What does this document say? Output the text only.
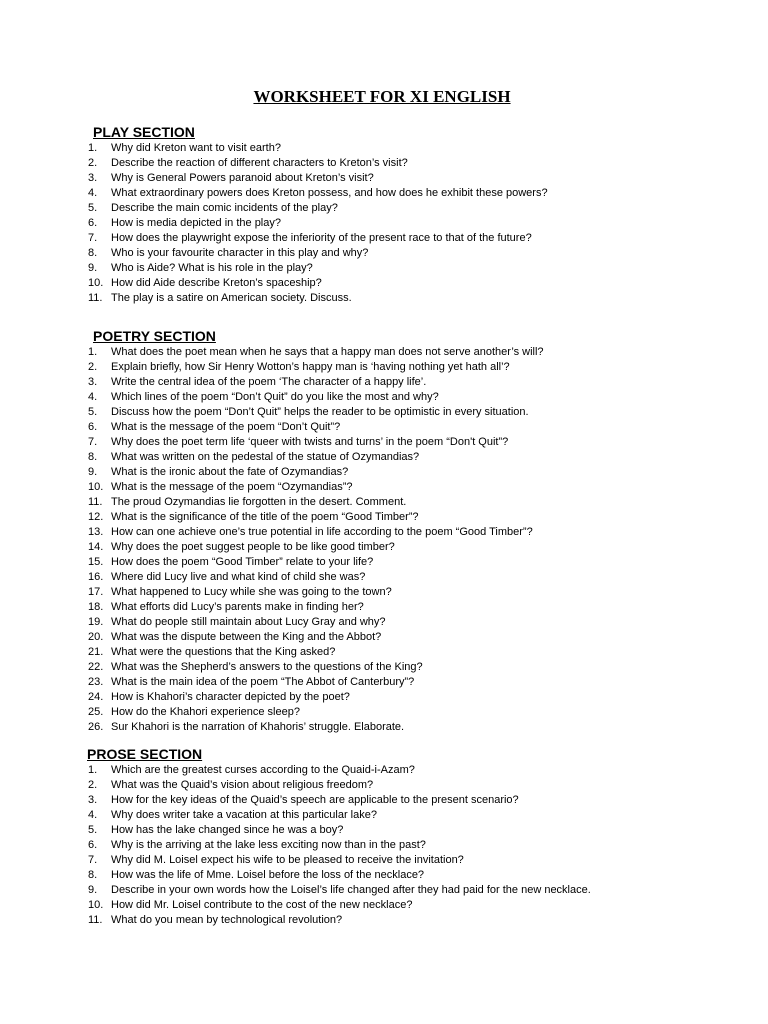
WORKSHEET FOR XI ENGLISH
PLAY SECTION
1.	Why did Kreton want to visit earth?
2.	Describe the reaction of different characters to Kreton’s visit?
3.	Why is General Powers paranoid about Kreton’s visit?
4.	What extraordinary powers does Kreton possess, and how does he exhibit these powers?
5.	Describe the main comic incidents of the play?
6.	How is media depicted in the play?
7.	How does the playwright expose the inferiority of the present race to that of the future?
8.	Who is your favourite character in this play and why?
9.	Who is Aide? What is his role in the play?
10. How did Aide describe Kreton’s spaceship?
11. The play is a satire on American society. Discuss.
POETRY SECTION
1.	What does the poet mean when he says that a happy man does not serve another’s will?
2.	Explain briefly, how Sir Henry Wotton’s happy man is ‘having nothing yet hath all’?
3.	Write the central idea of the poem ‘The character of a happy life’.
4.	Which lines of the poem “Don’t Quit” do you like the most and why?
5.	Discuss how the poem “Don’t Quit” helps the reader to be optimistic in every situation.
6.	What is the message of the poem “Don’t Quit”?
7.	Why does the poet term life ‘queer with twists and turns’ in the poem “Don't Quit”?
8.	What was written on the pedestal of the statue of Ozymandias?
9.	What is the ironic about the fate of Ozymandias?
10. What is the message of the poem “Ozymandias”?
11. The proud Ozymandias lie forgotten in the desert. Comment.
12. What is the significance of the title of the poem “Good Timber”?
13. How can one achieve one’s true potential in life according to the poem “Good Timber”?
14. Why does the poet suggest people to be like good timber?
15. How does the poem “Good Timber” relate to your life?
16. Where did Lucy live and what kind of child she was?
17. What happened to Lucy while she was going to the town?
18. What efforts did Lucy’s parents make in finding her?
19. What do people still maintain about Lucy Gray and why?
20. What was the dispute between the King and the Abbot?
21. What were the questions that the King asked?
22. What was the Shepherd’s answers to the questions of the King?
23. What is the main idea of the poem “The Abbot of Canterbury”?
24. How is Khahori’s character depicted by the poet?
25. How do the Khahori experience sleep?
26. Sur Khahori is the narration of Khahoris’ struggle. Elaborate.
PROSE SECTION
1.	Which are the greatest curses according to the Quaid-i-Azam?
2.	What was the Quaid’s vision about religious freedom?
3.	How for the key ideas of the Quaid’s speech are applicable to the present scenario?
4.	Why does writer take a vacation at this particular lake?
5.	How has the lake changed since he was a boy?
6.	Why is the arriving at the lake less exciting now than in the past?
7.	Why did M. Loisel expect his wife to be pleased to receive the invitation?
8.	How was the life of Mme. Loisel before the loss of the necklace?
9.	Describe in your own words how the Loisel’s life changed after they had paid for the new necklace.
10. How did Mr. Loisel contribute to the cost of the new necklace?
11. What do you mean by technological revolution?
